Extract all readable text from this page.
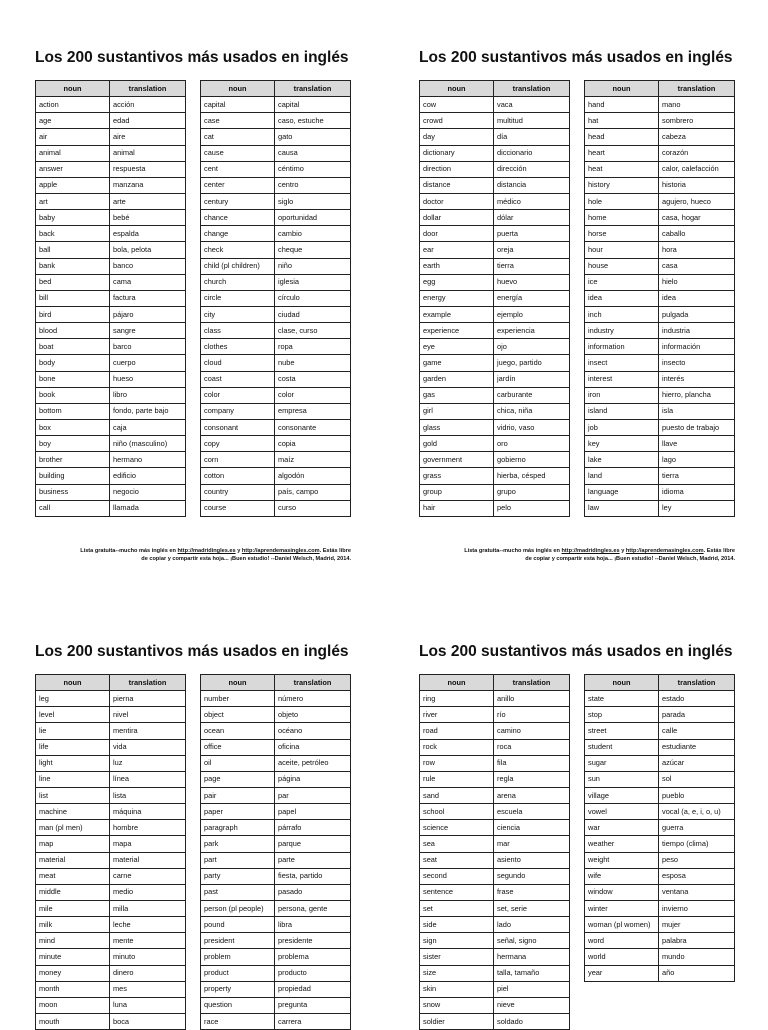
Los 200 sustantivos más usados en inglés
noun	translation
action	acción
age	edad
air	aire
animal	animal
answer	respuesta
apple	manzana
art	arte
baby	bebé
back	espalda
ball	bola, pelota
bank	banco
bed	cama
bill	factura
bird	pájaro
blood	sangre
boat	barco
body	cuerpo
bone	hueso
book	libro
bottom	fondo, parte bajo
box	caja
boy	niño (masculino)
brother	hermano
building	edificio
business	negocio
call	llamada
noun	translation
capital	capital
case	caso, estuche
cat	gato
cause	causa
cent	céntimo
center	centro
century	siglo
chance	oportunidad
change	cambio
check	cheque
child (pl children)	niño
church	iglesia
circle	círculo
city	ciudad
class	clase, curso
clothes	ropa
cloud	nube
coast	costa
color	color
company	empresa
consonant	consonante
copy	copia
corn	maíz
cotton	algodón
country	país, campo
course	curso
Lista gratuita--mucho más inglés en http://madridingles.es y http://aprendemasingles.com. Estás libre
de copiar y compartir esta hoja... ¡Buen estudio! --Daniel Welsch, Madrid, 2014.
Los 200 sustantivos más usados en inglés
noun	translation
cow	vaca
crowd	multitud
day	día
dictionary	diccionario
direction	dirección
distance	distancia
doctor	médico
dollar	dólar
door	puerta
ear	oreja
earth	tierra
egg	huevo
energy	energía
example	ejemplo
experience	experiencia
eye	ojo
game	juego, partido
garden	jardín
gas	carburante
girl	chica, niña
glass	vidrio, vaso
gold	oro
government	gobierno
grass	hierba, césped
group	grupo
hair	pelo
noun	translation
hand	mano
hat	sombrero
head	cabeza
heart	corazón
heat	calor, calefacción
history	historia
hole	agujero, hueco
home	casa, hogar
horse	caballo
hour	hora
house	casa
ice	hielo
idea	idea
inch	pulgada
industry	industria
information	información
insect	insecto
interest	interés
iron	hierro, plancha
island	isla
job	puesto de trabajo
key	llave
lake	lago
land	tierra
language	idioma
law	ley
Lista gratuita--mucho más inglés en http://madridingles.es y http://aprendemasingles.com. Estás libre
de copiar y compartir esta hoja... ¡Buen estudio! --Daniel Welsch, Madrid, 2014.
Los 200 sustantivos más usados en inglés
noun	translation
leg	pierna
level	nivel
lie	mentira
life	vida
light	luz
line	línea
list	lista
machine	máquina
man (pl men)	hombre
map	mapa
material	material
meat	carne
middle	medio
mile	milla
milk	leche
mind	mente
minute	minuto
money	dinero
month	mes
moon	luna
mouth	boca
noun	translation
number	número
object	objeto
ocean	océano
office	oficina
oil	aceite, petróleo
page	página
pair	par
paper	papel
paragraph	párrafo
park	parque
part	parte
party	fiesta, partido
past	pasado
person (pl people)	persona, gente
pound	libra
president	presidente
problem	problema
product	producto
property	propiedad
question	pregunta
race	carrera
Los 200 sustantivos más usados en inglés
noun	translation
ring	anillo
river	río
road	camino
rock	roca
row	fila
rule	regla
sand	arena
school	escuela
science	ciencia
sea	mar
seat	asiento
second	segundo
sentence	frase
set	set, serie
side	lado
sign	señal, signo
sister	hermana
size	talla, tamaño
skin	piel
snow	nieve
soldier	soldado
noun	translation
state	estado
stop	parada
street	calle
student	estudiante
sugar	azúcar
sun	sol
village	pueblo
vowel	vocal (a, e, i, o, u)
war	guerra
weather	tiempo (clima)
weight	peso
wife	esposa
window	ventana
winter	invierno
woman (pl women)	mujer
word	palabra
world	mundo
year	año
